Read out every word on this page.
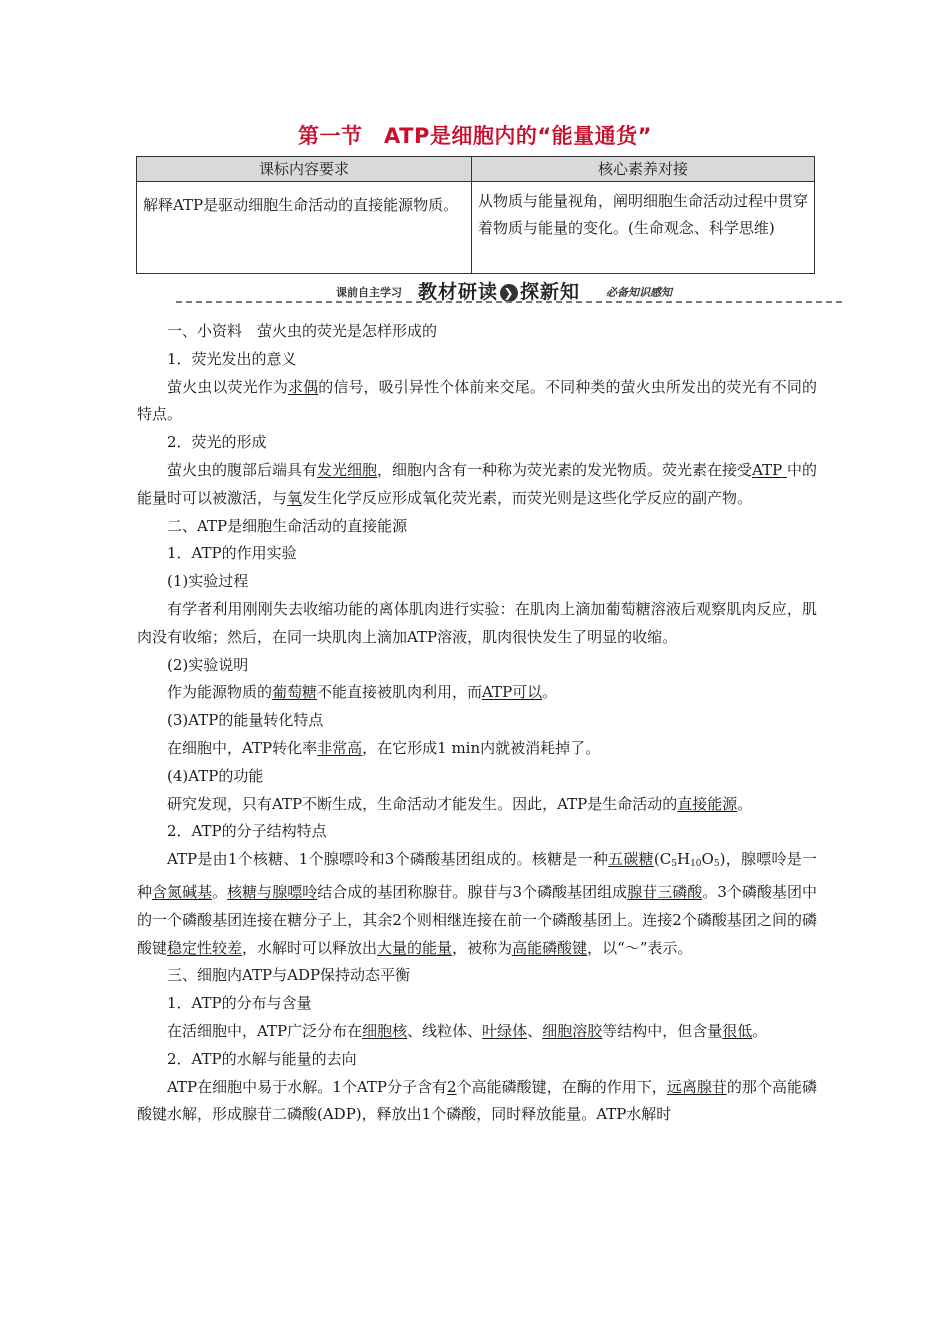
第一节　ATP是细胞内的“能量通货”
课标内容要求	核心素养对接
解释ATP是驱动细胞生命活动的直接能源物质。	从物质与能量视角，阐明细胞生命活动过程中贯穿着物质与能量的变化。(生命观念、科学思维)
课前自主学习 教材研读 ❯ 探新知 必备知识感知

一、小资料　萤火虫的荧光是怎样形成的

1．荧光发出的意义

萤火虫以荧光作为求偶的信号，吸引异性个体前来交尾。不同种类的萤火虫所发出的荧光有不同的特点。

2．荧光的形成

萤火虫的腹部后端具有发光细胞，细胞内含有一种称为荧光素的发光物质。荧光素在接受ATP 中的能量时可以被激活，与氧发生化学反应形成氧化荧光素，而荧光则是这些化学反应的副产物。

二、ATP是细胞生命活动的直接能源

1．ATP的作用实验

(1)实验过程

有学者利用刚刚失去收缩功能的离体肌肉进行实验：在肌肉上滴加葡萄糖溶液后观察肌肉反应，肌肉没有收缩；然后，在同一块肌肉上滴加ATP溶液，肌肉很快发生了明显的收缩。

(2)实验说明

作为能源物质的葡萄糖不能直接被肌肉利用，而ATP可以。

(3)ATP的能量转化特点

在细胞中，ATP转化率非常高，在它形成1 min内就被消耗掉了。

(4)ATP的功能

研究发现，只有ATP不断生成，生命活动才能发生。因此，ATP是生命活动的直接能源。

2．ATP的分子结构特点

ATP是由1个核糖、1个腺嘌呤和3个磷酸基团组成的。核糖是一种五碳糖$(C_5H_{10}O_5)$，腺嘌呤是一种含氮碱基。核糖与腺嘌呤结合成的基团称腺苷。腺苷与3个磷酸基团组成腺苷三磷酸。3个磷酸基团中的一个磷酸基团连接在糖分子上，其余2个则相继连接在前一个磷酸基团上。连接2个磷酸基团之间的磷酸键稳定性较差，水解时可以释放出大量的能量，被称为高能磷酸键，以“～”表示。

三、细胞内ATP与ADP保持动态平衡

1．ATP的分布与含量

在活细胞中，ATP广泛分布在细胞核、线粒体、叶绿体、细胞溶胶等结构中，但含量很低。

2．ATP的水解与能量的去向

ATP在细胞中易于水解。1个ATP分子含有2个高能磷酸键，在酶的作用下，远离腺苷的那个高能磷酸键水解，形成腺苷二磷酸(ADP)，释放出1个磷酸，同时释放能量。ATP水解时
